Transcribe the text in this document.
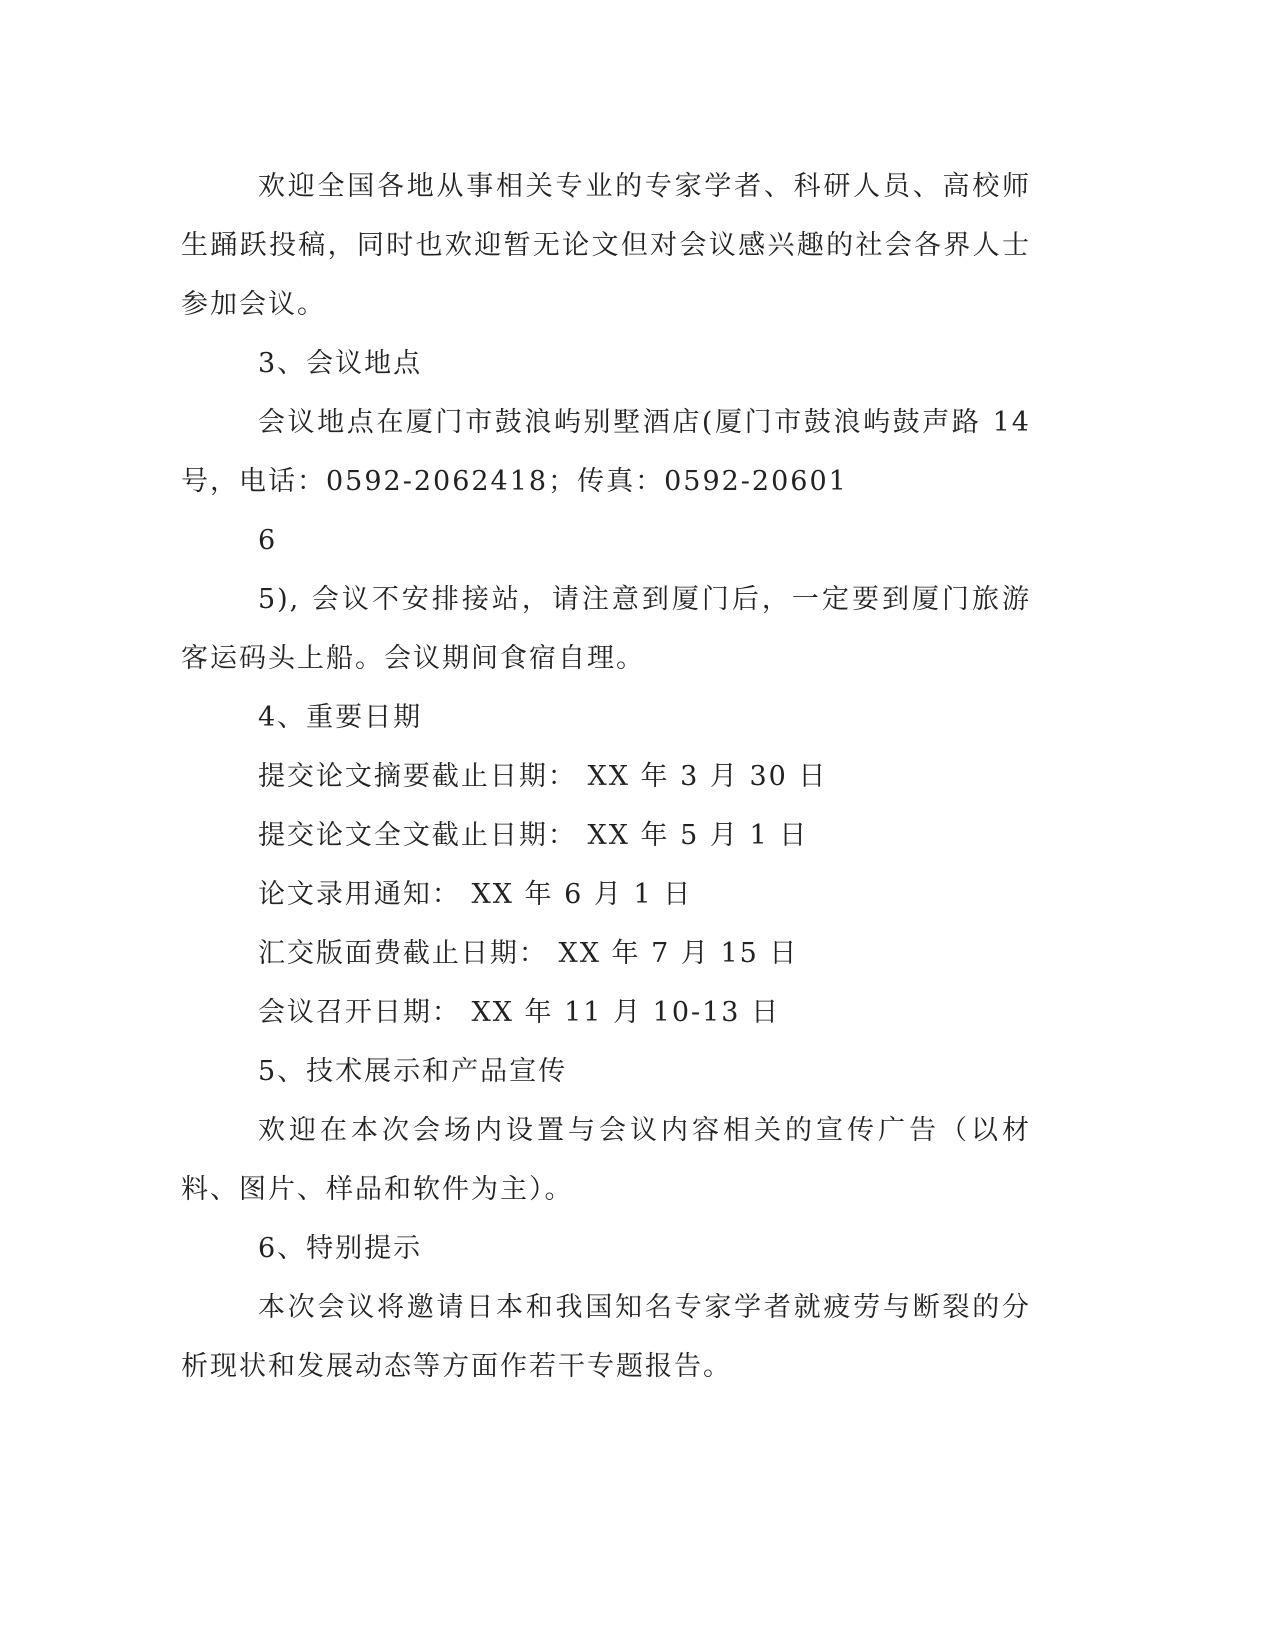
欢迎全国各地从事相关专业的专家学者、科研人员、高校师生踊跃投稿，同时也欢迎暂无论文但对会议感兴趣的社会各界人士参加会议。

3、会议地点

会议地点在厦门市鼓浪屿别墅酒店(厦门市鼓浪屿鼓声路 14 号，电话：0592-2062418；传真：0592-20601

6

5), 会议不安排接站，请注意到厦门后，一定要到厦门旅游客运码头上船。会议期间食宿自理。

4、重要日期

提交论文摘要截止日期： XX 年 3 月 30 日

提交论文全文截止日期： XX 年 5 月 1 日

论文录用通知： XX 年 6 月 1 日

汇交版面费截止日期： XX 年 7 月 15 日

会议召开日期： XX 年 11 月 10-13 日

5、技术展示和产品宣传

欢迎在本次会场内设置与会议内容相关的宣传广告（以材料、图片、样品和软件为主）。

6、特别提示

本次会议将邀请日本和我国知名专家学者就疲劳与断裂的分析现状和发展动态等方面作若干专题报告。
